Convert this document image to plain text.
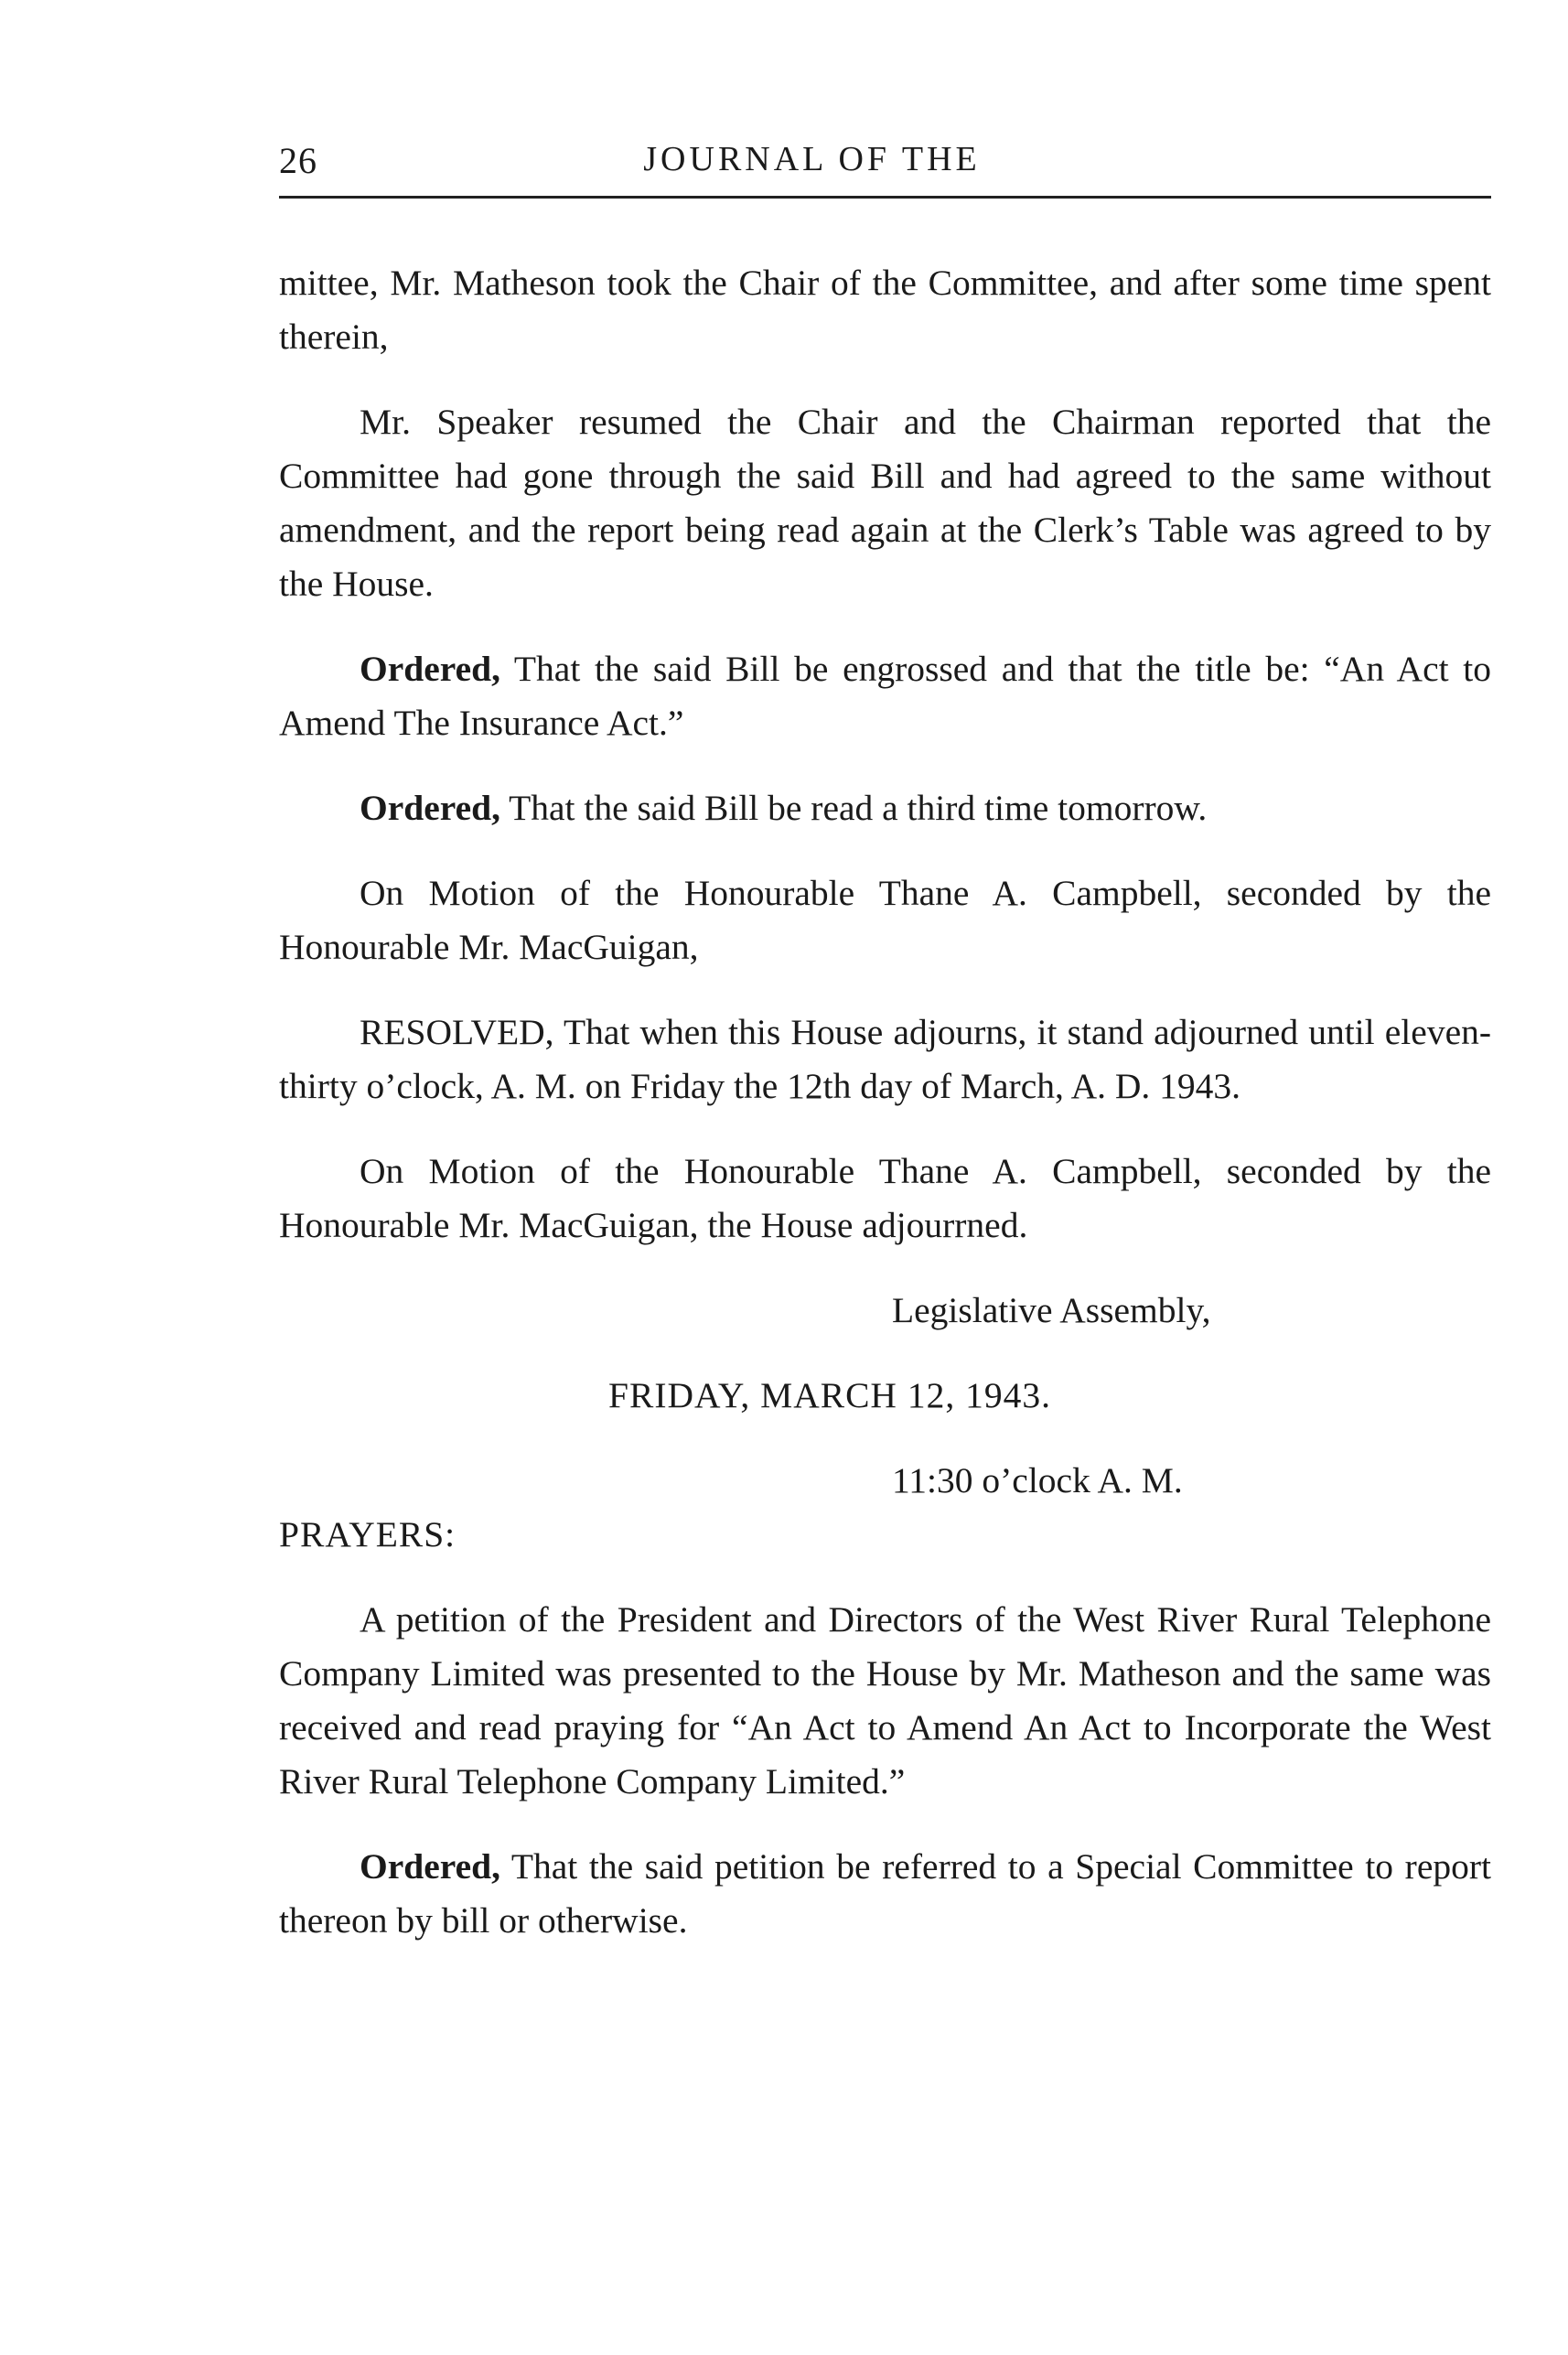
26	JOURNAL OF THE

mittee, Mr. Matheson took the Chair of the Committee, and after some time spent therein,

Mr. Speaker resumed the Chair and the Chairman reported that the Committee had gone through the said Bill and had agreed to the same without amendment, and the report being read again at the Clerk’s Table was agreed to by the House.

Ordered, That the said Bill be engrossed and that the title be: “An Act to Amend The Insurance Act.”

Ordered, That the said Bill be read a third time tomorrow.

On Motion of the Honourable Thane A. Campbell, seconded by the Honourable Mr. MacGuigan,

RESOLVED, That when this House adjourns, it stand adjourned until eleven-thirty o’clock, A. M. on Friday the 12th day of March, A. D. 1943.

On Motion of the Honourable Thane A. Campbell, seconded by the Honourable Mr. MacGuigan, the House adjourrned.

Legislative Assembly,

FRIDAY, MARCH 12, 1943.

11:30 o’clock A. M.

PRAYERS:

A petition of the President and Directors of the West River Rural Telephone Company Limited was presented to the House by Mr. Matheson and the same was received and read praying for “An Act to Amend An Act to Incorporate the West River Rural Telephone Company Limited.”

Ordered, That the said petition be referred to a Special Committee to report thereon by bill or otherwise.
